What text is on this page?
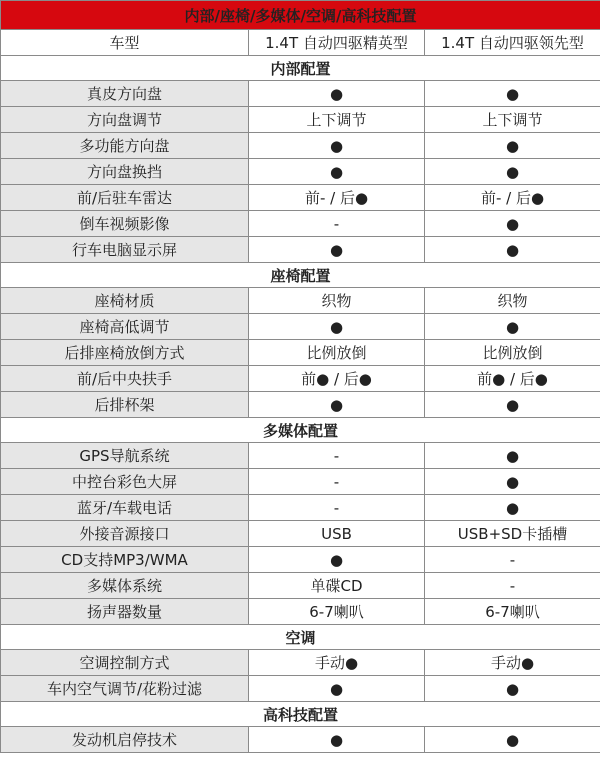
内部/座椅/多媒体/空调/高科技配置		
车型	1.4T 自动四驱精英型	1.4T 自动四驱领先型
内部配置		
真皮方向盘	●	●
方向盘调节	上下调节	上下调节
多功能方向盘	●	●
方向盘换挡	●	●
前/后驻车雷达	前- / 后●	前- / 后●
倒车视频影像	-	●
行车电脑显示屏	●	●
座椅配置		
座椅材质	织物	织物
座椅高低调节	●	●
后排座椅放倒方式	比例放倒	比例放倒
前/后中央扶手	前● / 后●	前● / 后●
后排杯架	●	●
多媒体配置		
GPS导航系统	-	●
中控台彩色大屏	-	●
蓝牙/车载电话	-	●
外接音源接口	USB	USB+SD卡插槽
CD支持MP3/WMA	●	-
多媒体系统	单碟CD	-
扬声器数量	6-7喇叭	6-7喇叭
空调		
空调控制方式	手动●	手动●
车内空气调节/花粉过滤	●	●
高科技配置		
发动机启停技术	●	●
